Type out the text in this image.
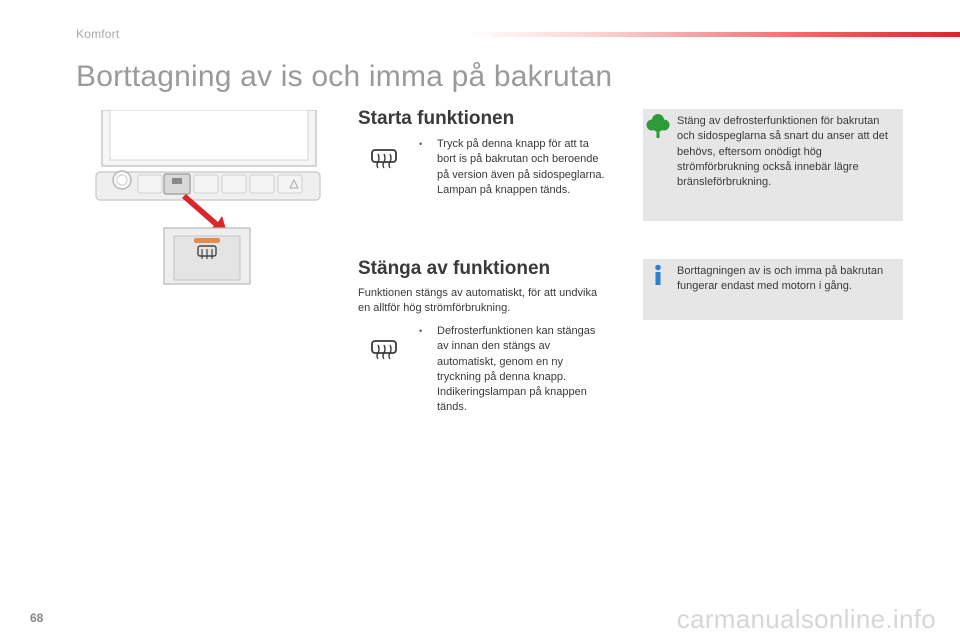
Komfort
Borttagning av is och imma på bakrutan
Starta funktionen
• Tryck på denna knapp för att ta bort is på bakrutan och beroende på version även på sidospeglarna. Lampan på knappen tänds.

Stänga av funktionen

Funktionen stängs av automatiskt, för att undvika en alltför hög strömförbrukning.

• Defrosterfunktionen kan stängas av innan den stängs av automatiskt, genom en ny tryckning på denna knapp. Indikeringslampan på knappen tänds.

Stäng av defrosterfunktionen för bakrutan och sidospeglarna så snart du anser att det behövs, eftersom onödigt hög strömförbrukning också innebär lägre bränsleförbrukning.

Borttagningen av is och imma på bakrutan fungerar endast med motorn i gång.

68	carmanualsonline.info
